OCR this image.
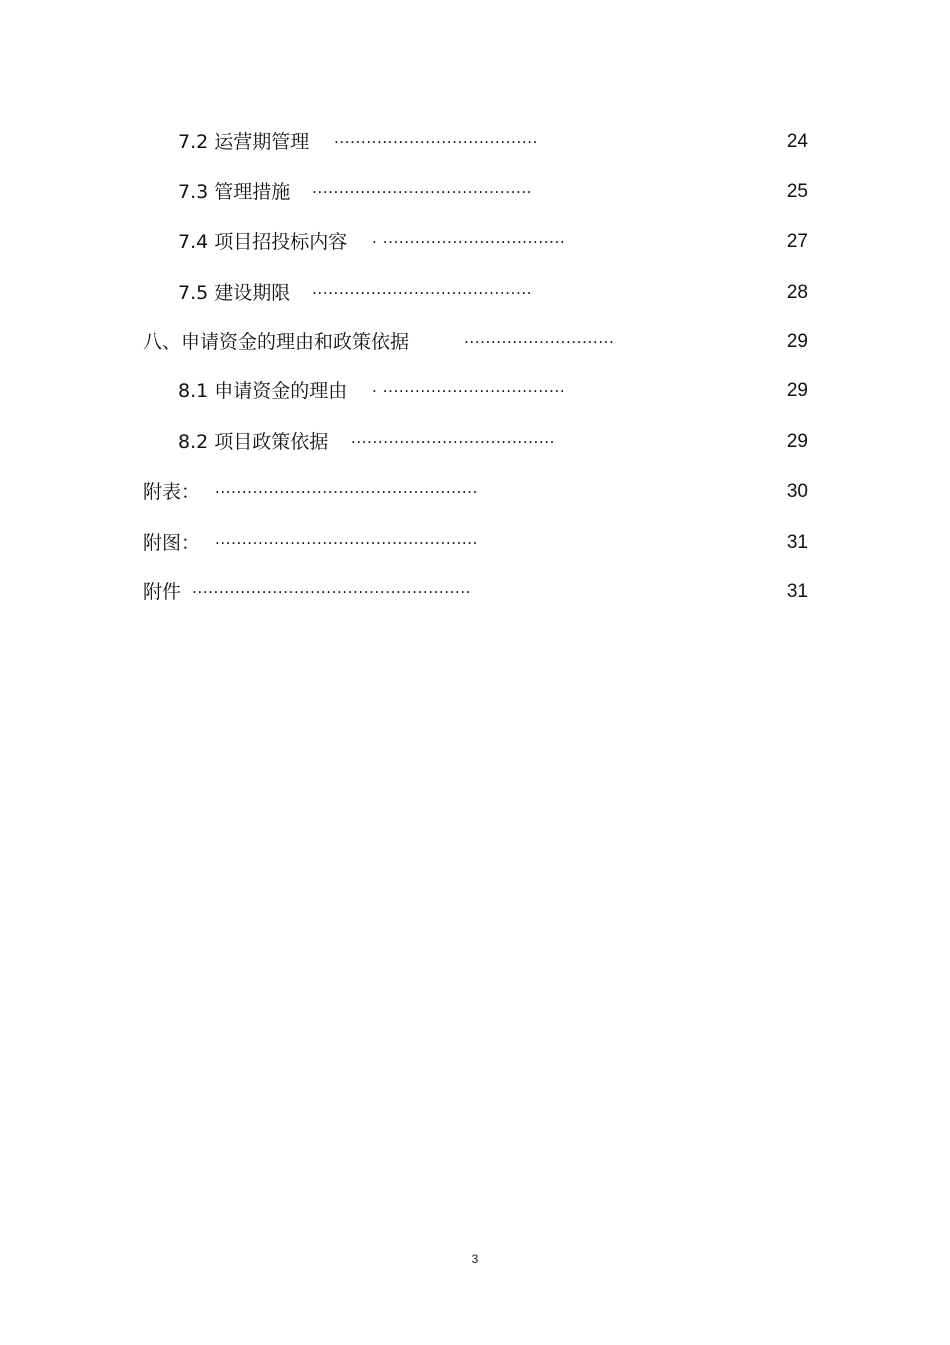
7.2 运营期管理 ......................................	24
7.3 管理措施 .........................................	25
7.4 项目招投标内容 . ..................................	27
7.5 建设期限 .........................................	28
八、申请资金的理由和政策依据	............................	29
8.1 申请资金的理由 . ..................................	29
8.2 项目政策依据 ......................................	29
附表： .................................................	30
附图： .................................................	31
附件 ....................................................	31
3
